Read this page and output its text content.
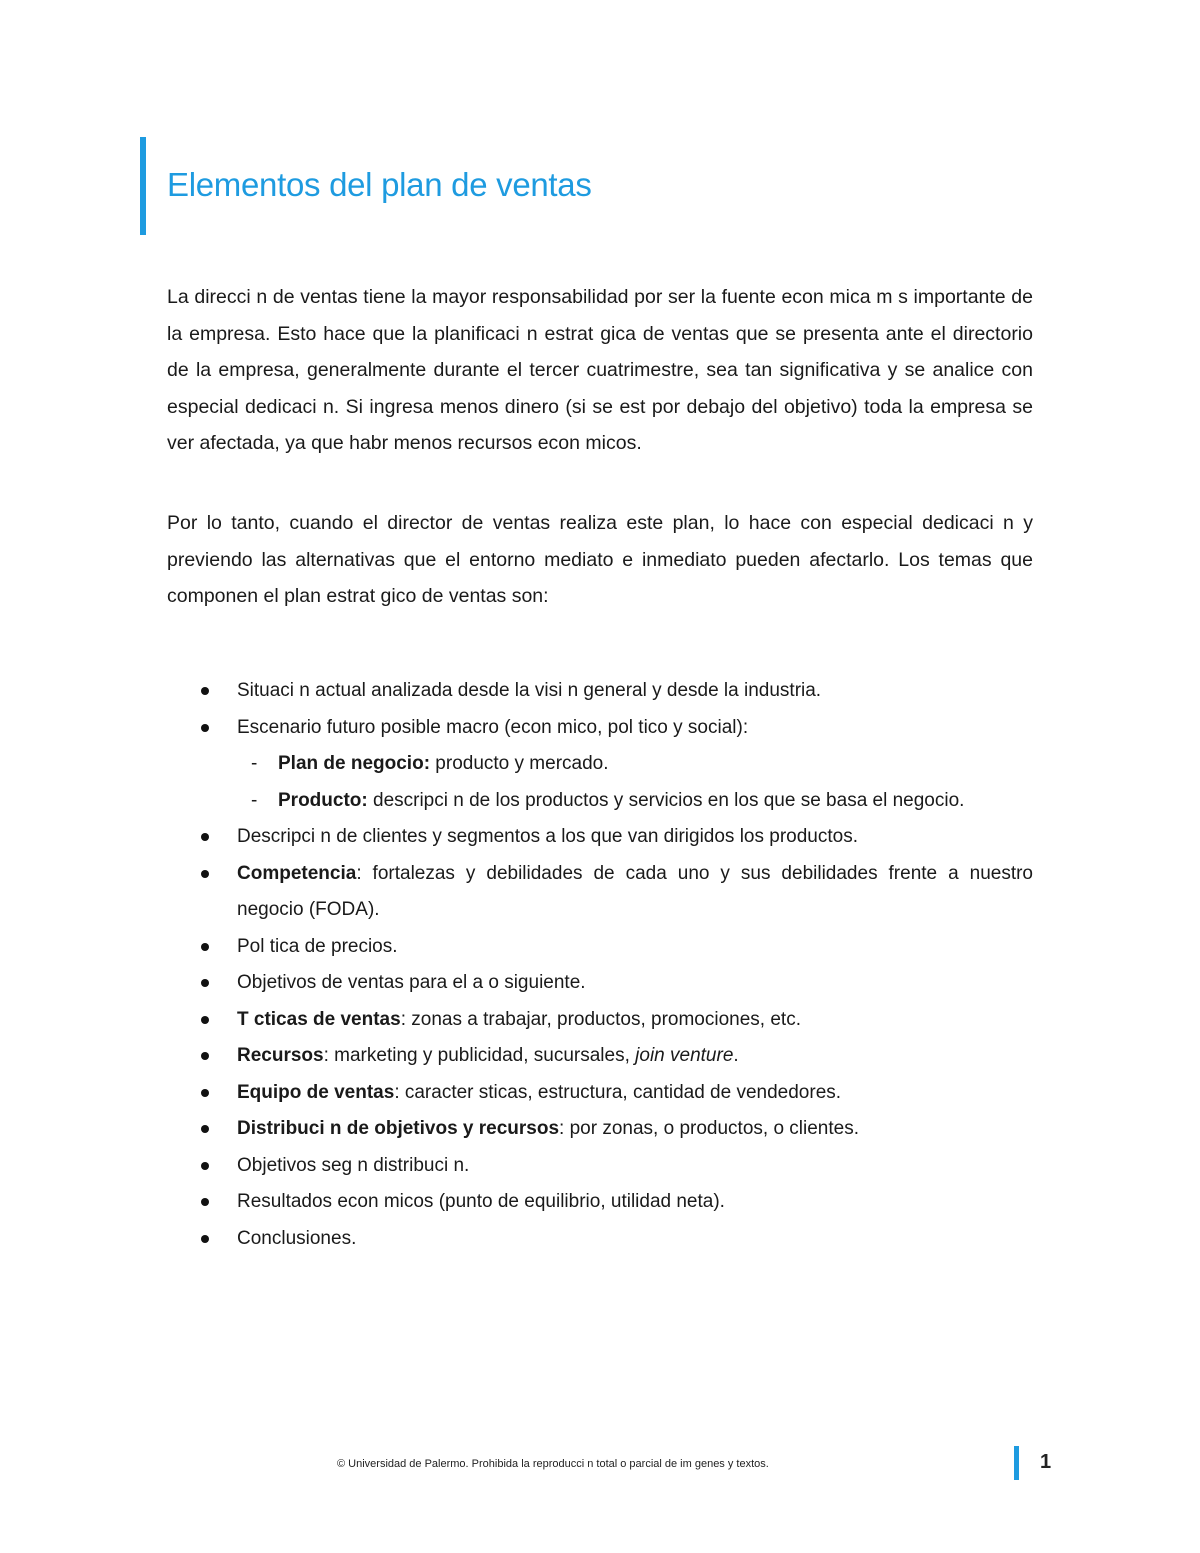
Elementos del plan de ventas

La direcci n de ventas tiene la mayor responsabilidad por ser la fuente econ mica m s importante de la empresa. Esto hace que la planificaci n estrat gica de ventas que se presenta ante el directorio de la empresa, generalmente durante el tercer cuatrimestre, sea tan significativa y se analice con especial dedicaci n. Si ingresa menos dinero (si se est por debajo del objetivo) toda la empresa se ver afectada, ya que habr menos recursos econ micos.

Por lo tanto, cuando el director de ventas realiza este plan, lo hace con especial dedicaci n y previendo las alternativas que el entorno mediato e inmediato pueden afectarlo. Los temas que componen el plan estrat gico de ventas son:

Situaci n actual analizada desde la visi n general y desde la industria.
Escenario futuro posible macro (econ mico, pol tico y social):
- Plan de negocio: producto y mercado.
- Producto: descripci n de los productos y servicios en los que se basa el negocio.
Descripci n de clientes y segmentos a los que van dirigidos los productos.
Competencia: fortalezas y debilidades de cada uno y sus debilidades frente a nuestro negocio (FODA).
Pol tica de precios.
Objetivos de ventas para el a o siguiente.
T cticas de ventas: zonas a trabajar, productos, promociones, etc.
Recursos: marketing y publicidad, sucursales, join venture.
Equipo de ventas: caracter sticas, estructura, cantidad de vendedores.
Distribuci n de objetivos y recursos: por zonas, o productos, o clientes.
Objetivos seg n distribuci n.
Resultados econ micos (punto de equilibrio, utilidad neta).
Conclusiones.
© Universidad de Palermo. Prohibida la reproducci n total o parcial de im genes y textos.	1
